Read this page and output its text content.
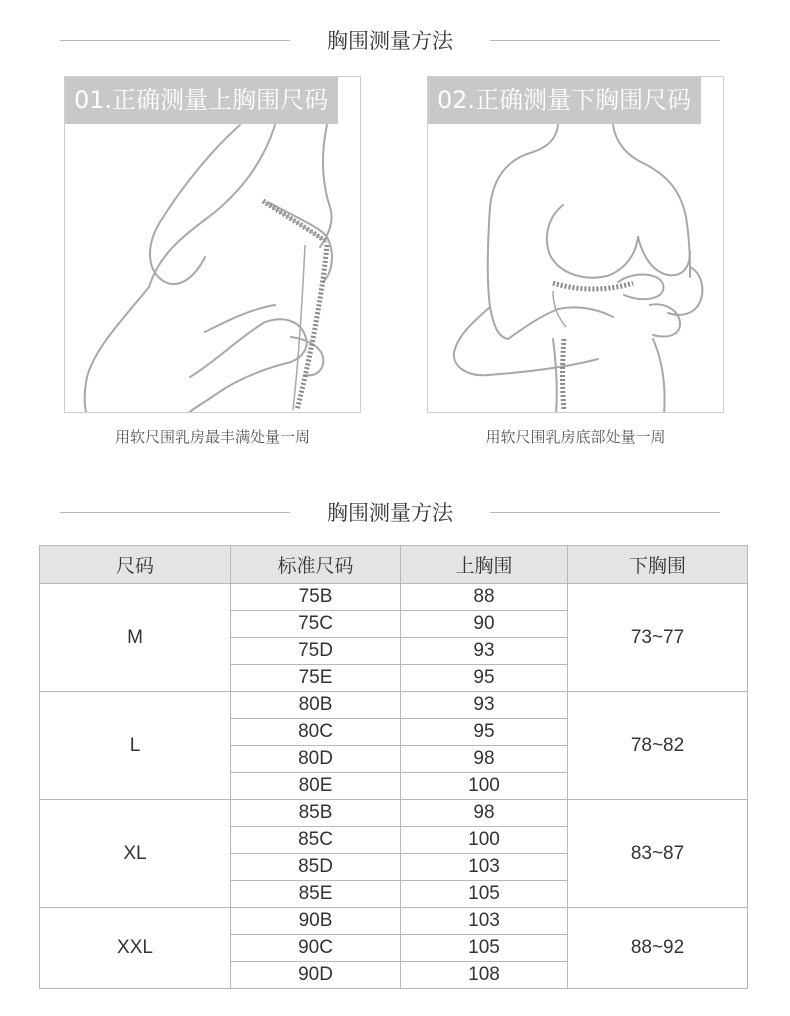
胸围测量方法
01.正确测量上胸围尺码
用软尺围乳房最丰满处量一周
02.正确测量下胸围尺码
用软尺围乳房底部处量一周
胸围测量方法
尺码	标准尺码	上胸围	下胸围
M	75B	88	73~77
	75C	90	
	75D	93	
	75E	95	
L	80B	93	78~82
	80C	95	
	80D	98	
	80E	100	
XL	85B	98	83~87
	85C	100	
	85D	103	
	85E	105	
XXL	90B	103	88~92
	90C	105	
	90D	108	
